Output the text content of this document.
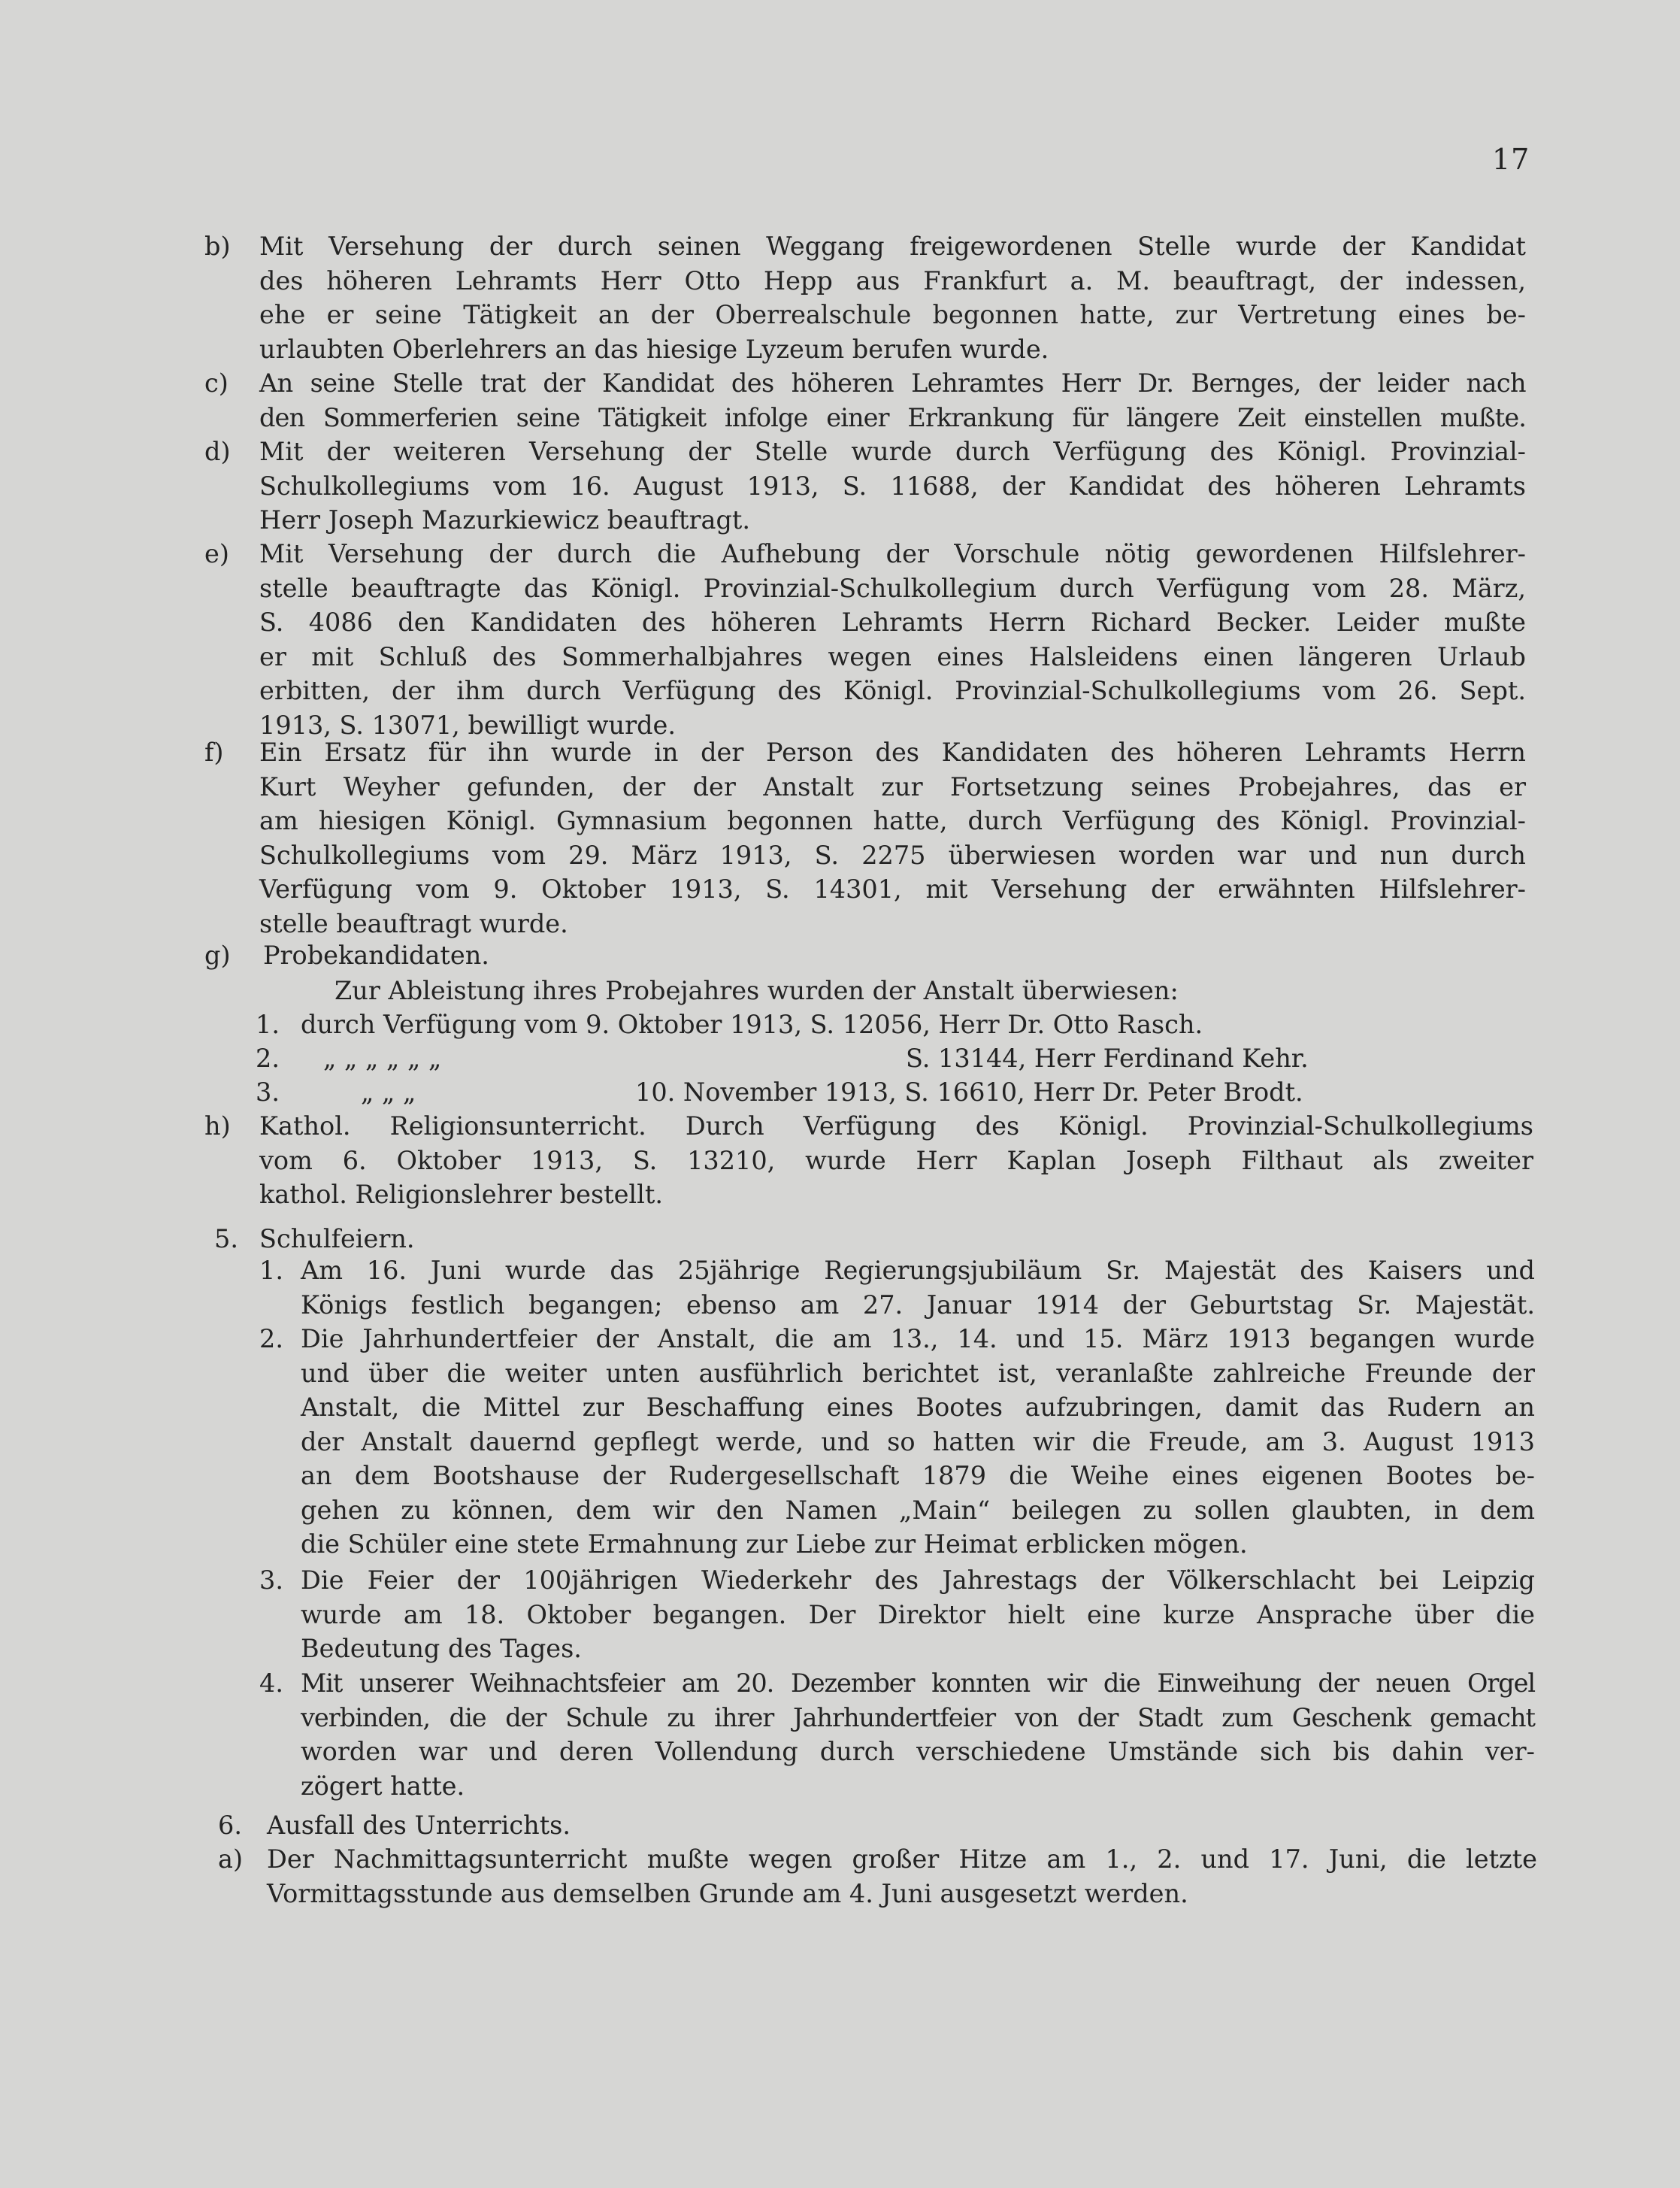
17
b) Mit Versehung der durch seinen Weggang freigewordenen Stelle wurde der Kandidat
des höheren Lehramts Herr Otto Hepp aus Frankfurt a. M. beauftragt, der indessen,
ehe er seine Tätigkeit an der Oberrealschule begonnen hatte, zur Vertretung eines be-
urlaubten Oberlehrers an das hiesige Lyzeum berufen wurde.
c) An seine Stelle trat der Kandidat des höheren Lehramtes Herr Dr. Bernges, der leider nach
den Sommerferien seine Tätigkeit infolge einer Erkrankung für längere Zeit einstellen mußte.
d) Mit der weiteren Versehung der Stelle wurde durch Verfügung des Königl. Provinzial-
Schulkollegiums vom 16. August 1913, S. 11688, der Kandidat des höheren Lehramts
Herr Joseph Mazurkiewicz beauftragt.
e) Mit Versehung der durch die Aufhebung der Vorschule nötig gewordenen Hilfslehrer-
stelle beauftragte das Königl. Provinzial-Schulkollegium durch Verfügung vom 28. März,
S. 4086 den Kandidaten des höheren Lehramts Herrn Richard Becker. Leider mußte
er mit Schluß des Sommerhalbjahres wegen eines Halsleidens einen längeren Urlaub
erbitten, der ihm durch Verfügung des Königl. Provinzial-Schulkollegiums vom 26. Sept.
1913, S. 13071, bewilligt wurde.
f) Ein Ersatz für ihn wurde in der Person des Kandidaten des höheren Lehramts Herrn
Kurt Weyher gefunden, der der Anstalt zur Fortsetzung seines Probejahres, das er
am hiesigen Königl. Gymnasium begonnen hatte, durch Verfügung des Königl. Provinzial-
Schulkollegiums vom 29. März 1913, S. 2275 überwiesen worden war und nun durch
Verfügung vom 9. Oktober 1913, S. 14301, mit Versehung der erwähnten Hilfslehrer-
stelle beauftragt wurde.
g) Probekandidaten.
Zur Ableistung ihres Probejahres wurden der Anstalt überwiesen:
1. durch Verfügung vom 9. Oktober 1913, S. 12056, Herr Dr. Otto Rasch.
2. „ „ „ „ „ „	S. 13144, Herr Ferdinand Kehr.
3.	„ „ „	10. November 1913, S. 16610, Herr Dr. Peter Brodt.
h) Kathol. Religionsunterricht. Durch Verfügung des Königl. Provinzial-Schulkollegiums
vom 6. Oktober 1913, S. 13210, wurde Herr Kaplan Joseph Filthaut als zweiter
kathol. Religionslehrer bestellt.
5. Schulfeiern.
1. Am 16. Juni wurde das 25jährige Regierungsjubiläum Sr. Majestät des Kaisers und
Königs festlich begangen; ebenso am 27. Januar 1914 der Geburtstag Sr. Majestät.
2. Die Jahrhundertfeier der Anstalt, die am 13., 14. und 15. März 1913 begangen wurde
und über die weiter unten ausführlich berichtet ist, veranlaßte zahlreiche Freunde der
Anstalt, die Mittel zur Beschaffung eines Bootes aufzubringen, damit das Rudern an
der Anstalt dauernd gepflegt werde, und so hatten wir die Freude, am 3. August 1913
an dem Bootshause der Rudergesellschaft 1879 die Weihe eines eigenen Bootes be-
gehen zu können, dem wir den Namen „Main“ beilegen zu sollen glaubten, in dem
die Schüler eine stete Ermahnung zur Liebe zur Heimat erblicken mögen.
3. Die Feier der 100jährigen Wiederkehr des Jahrestags der Völkerschlacht bei Leipzig
wurde am 18. Oktober begangen. Der Direktor hielt eine kurze Ansprache über die
Bedeutung des Tages.
4. Mit unserer Weihnachtsfeier am 20. Dezember konnten wir die Einweihung der neuen Orgel
verbinden, die der Schule zu ihrer Jahrhundertfeier von der Stadt zum Geschenk gemacht
worden war und deren Vollendung durch verschiedene Umstände sich bis dahin ver-
zögert hatte.
6. Ausfall des Unterrichts.
a) Der Nachmittagsunterricht mußte wegen großer Hitze am 1., 2. und 17. Juni, die letzte
Vormittagsstunde aus demselben Grunde am 4. Juni ausgesetzt werden.
